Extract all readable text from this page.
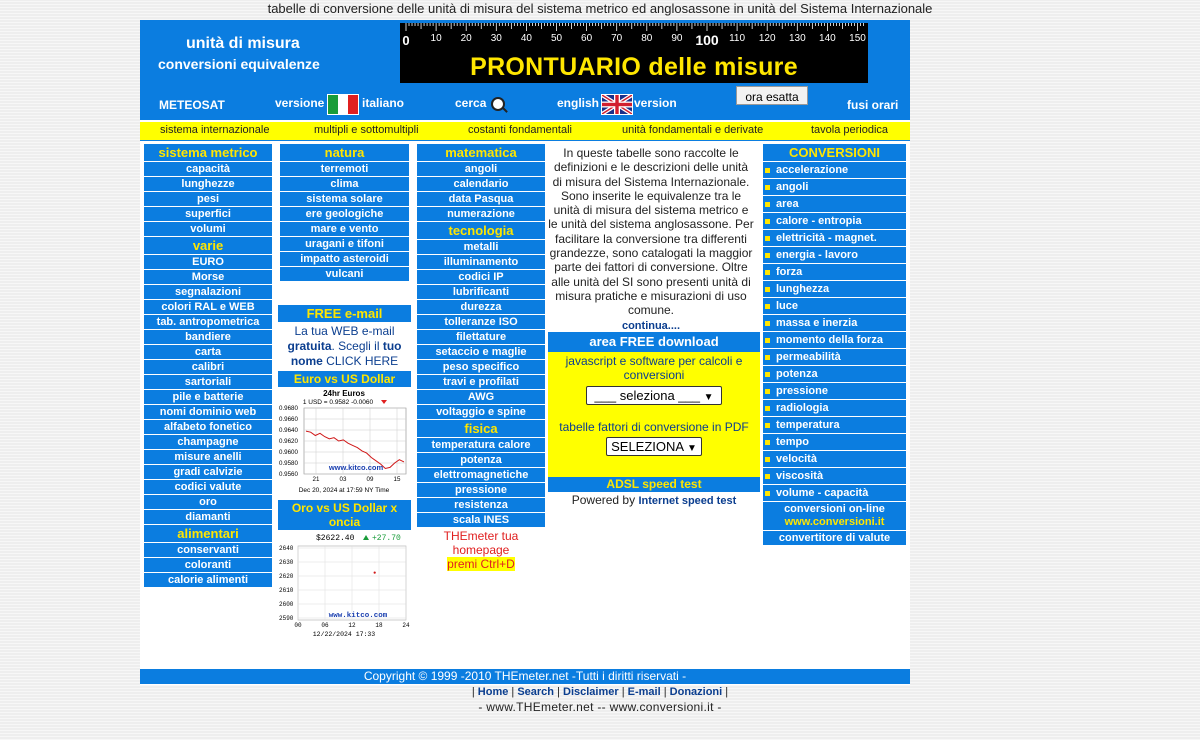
tabelle di conversione delle unità di misura del sistema metrico ed anglosassone in unità del Sistema Internazionale
unità di misura
conversioni equivalenze
0 10 20 30 40 50 60 70 80 90 100 110 120 130 140 150
PRONTUARIO delle misure
METEOSAT	versione	italiano	cerca	english	version	ora esatta
fusi orari
sistema internazionale	multipli e sottomultipli	costanti fondamentali	unità fondamentali e derivate	tavola periodica
sistema metrico
capacità
lunghezze
pesi
superfici
volumi
varie
EURO
Morse
segnalazioni
colori RAL e WEB
tab. antropometrica
bandiere
carta
calibri
sartoriali
pile e batterie
nomi dominio web
alfabeto fonetico
champagne
misure anelli
gradi calvizie
codici valute
oro
diamanti
alimentari
conservanti
coloranti
calorie alimenti
natura
terremoti
clima
sistema solare
ere geologiche
mare e vento
uragani e tifoni
impatto asteroidi
vulcani
FREE e-mail
La tua WEB e-mail
gratuita. Scegli il tuo
nome CLICK HERE
Euro vs US Dollar
24hr Euros
1 USD = 0.9582 -0.0060
0.9680
0.9660
0.9640
0.9620
0.9600
0.9580
0.9560
21	03	09	15
www.kitco.com
Dec 20, 2024 at 17:59 NY Time
Oro vs US Dollar x oncia
$2622.40 +27.70
2640
2630
2620
2610
2600
2590
00	06	12	18	24
www.kitco.com
12/22/2024 17:33
matematica
angoli
calendario
data Pasqua
numerazione
tecnologia
metalli
illuminamento
codici IP
lubrificanti
durezza
tolleranze ISO
filettature
setaccio e maglie
peso specifico
travi e profilati
AWG
voltaggio e spine
fisica
temperatura calore
potenza
elettromagnetiche
pressione
resistenza
scala INES
THEmeter tua
homepage
premi Ctrl+D
In queste tabelle sono raccolte le definizioni e le descrizioni delle unità di misura del Sistema Internazionale. Sono inserite le equivalenze tra le unità di misura del sistema metrico e le unità del sistema anglosassone. Per facilitare la conversione tra differenti grandezze, sono catalogati la maggior parte dei fattori di conversione. Oltre alle unità del SI sono presenti unità di misura pratiche e misurazioni di uso comune.
continua....
area FREE download
javascript e software per calcoli e conversioni
___ seleziona ___ ▼
tabelle fattori di conversione in PDF
SELEZIONA ▼
ADSL speed test
Powered by Internet speed test
CONVERSIONI
accelerazione
angoli
area
calore - entropia
elettricità - magnet.
energia - lavoro
forza
lunghezza
luce
massa e inerzia
momento della forza
permeabilità
potenza
pressione
radiologia
temperatura
tempo
velocità
viscosità
volume - capacità
conversioni on-line
www.conversioni.it
convertitore di valute
Copyright © 1999 -2010 THEmeter.net -Tutti i diritti riservati -
| Home | Search | Disclaimer | E-mail | Donazioni |
- www.THEmeter.net -- www.conversioni.it -
